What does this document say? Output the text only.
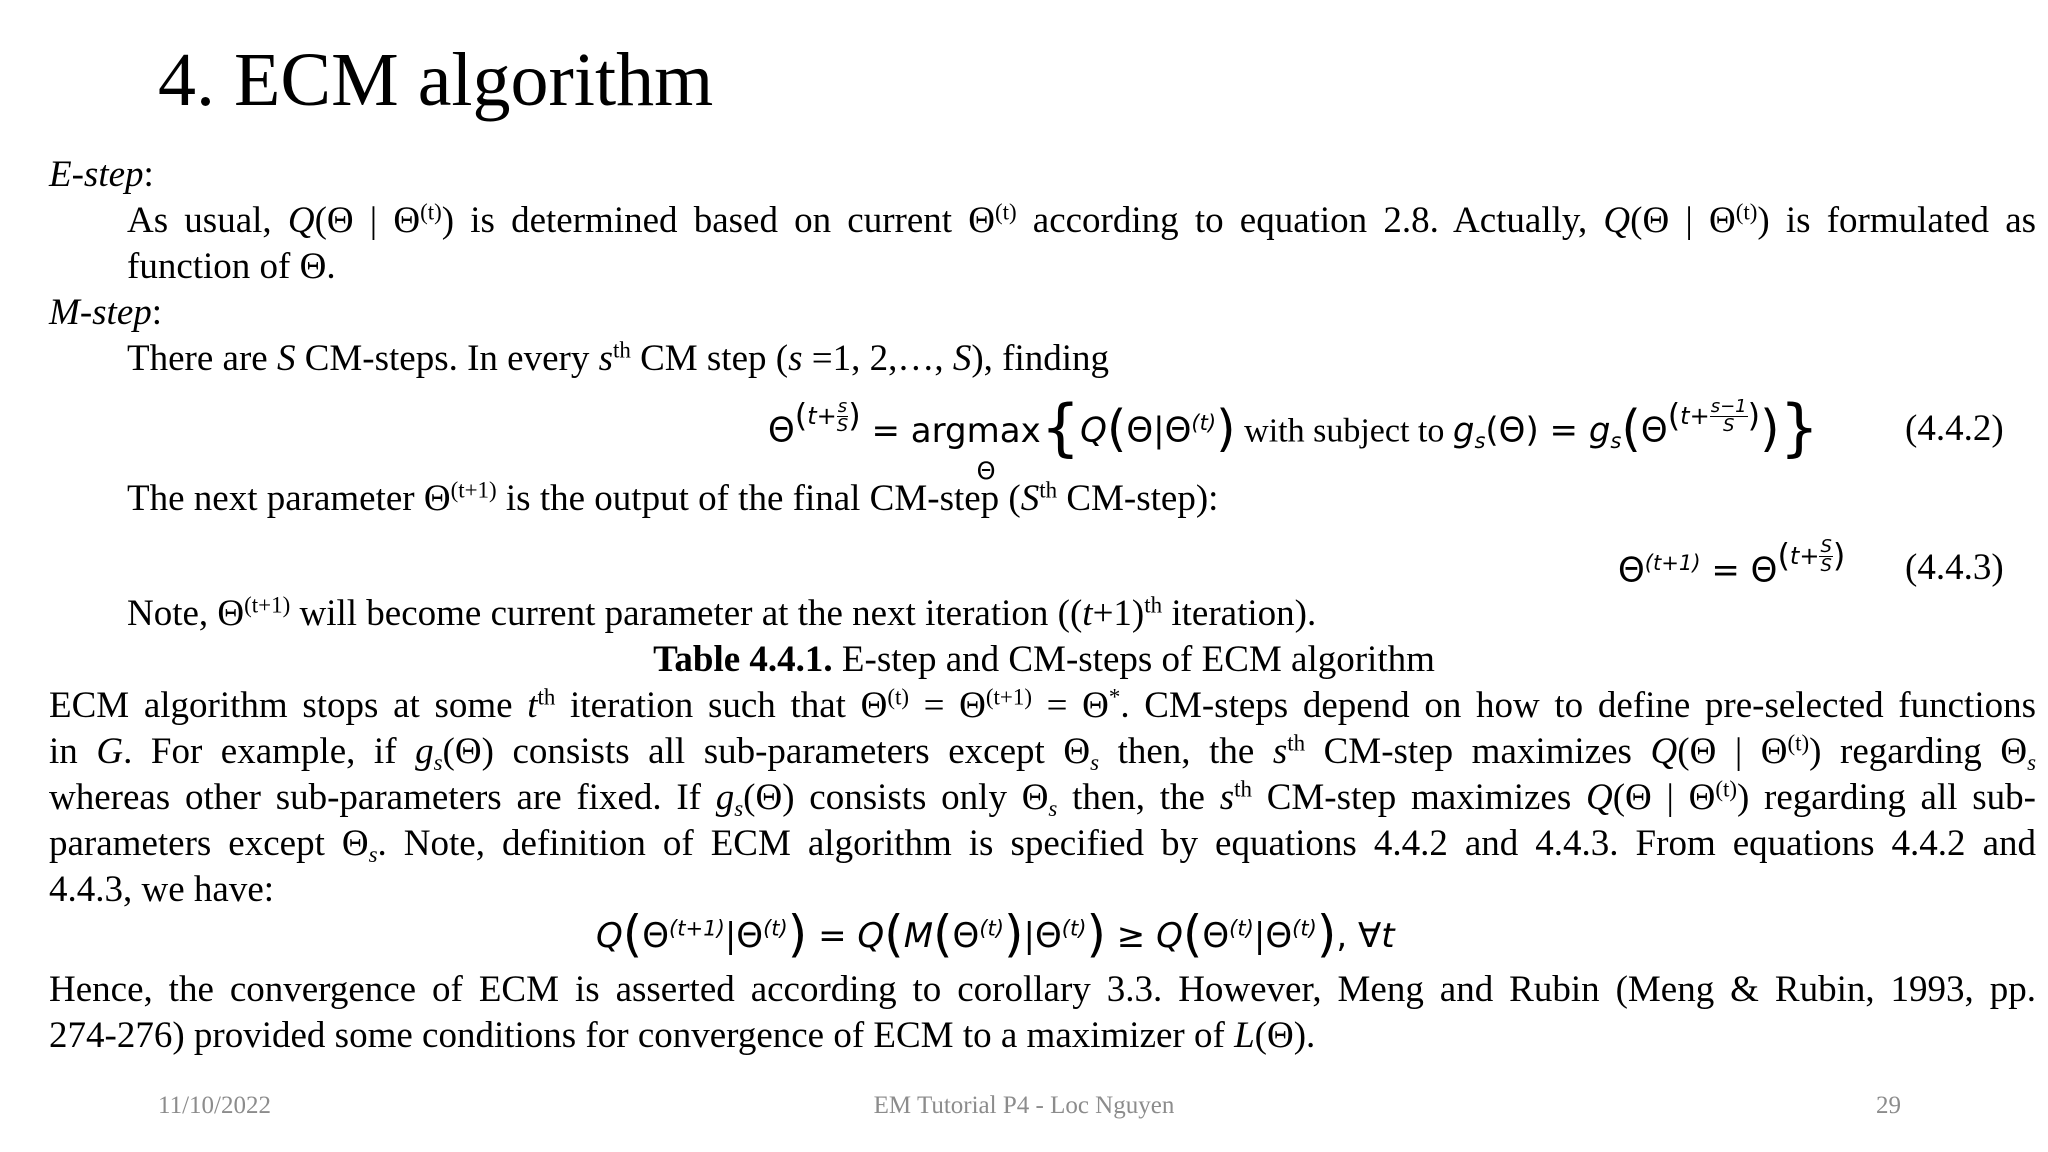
4. ECM algorithm
E-step:
As usual, Q(Θ | $\Theta^{(t)}$) is determined based on current $\Theta^{(t)}$ according to equation 2.8. Actually, Q(Θ | $\Theta^{(t)}$) is formulated as
function of Θ.
M-step:
There are S CM-steps. In every $s^{th}$ CM step (s =1, 2,…, S), finding
$\Theta^{(t+ \frac{s}{S} )} = argmax$
Θ
{$Q(\Theta|\Theta^{(t)})$ with subject to $g_s(\Theta) = g_s(\Theta^{(t+ \frac{s-1}{S} )})$} (4.4.2)
The next parameter $\Theta^{(t+1)}$ is the output of the final CM-step ($S^{th}$ CM-step):
$\Theta^{(t+1)} = \Theta^{(t+ \frac{S}{S} )}$ (4.4.3)
Note, $\Theta^{(t+1)}$ will become current parameter at the next iteration ($(t+1)^{th}$ iteration).
Table 4.4.1. E-step and CM-steps of ECM algorithm
ECM algorithm stops at some $t^{th}$ iteration such that $\Theta^{(t)} = \Theta^{(t+1)} = \Theta^*$. CM-steps depend on how to define pre-selected functions
in G. For example, if $g_s(\Theta)$ consists all sub-parameters except $\Theta_s$ then, the $s^{th}$ CM-step maximizes Q(Θ | $\Theta^{(t)}$) regarding $\Theta_s$
whereas other sub-parameters are fixed. If $g_s(\Theta)$ consists only $\Theta_s$ then, the $s^{th}$ CM-step maximizes Q(Θ | $\Theta^{(t)}$) regarding all sub-
parameters except $\Theta_s$. Note, definition of ECM algorithm is specified by equations 4.4.2 and 4.4.3. From equations 4.4.2 and
4.4.3, we have:
$Q(\Theta^{(t+1)}|\Theta^{(t)}) = Q(M(\Theta^{(t)})|\Theta^{(t)}) \ge Q(\Theta^{(t)}|\Theta^{(t)})$, ∀t
Hence, the convergence of ECM is asserted according to corollary 3.3. However, Meng and Rubin (Meng & Rubin, 1993, pp.
274-276) provided some conditions for convergence of ECM to a maximizer of L(Θ).
11/10/2022	EM Tutorial P4 - Loc Nguyen	29
